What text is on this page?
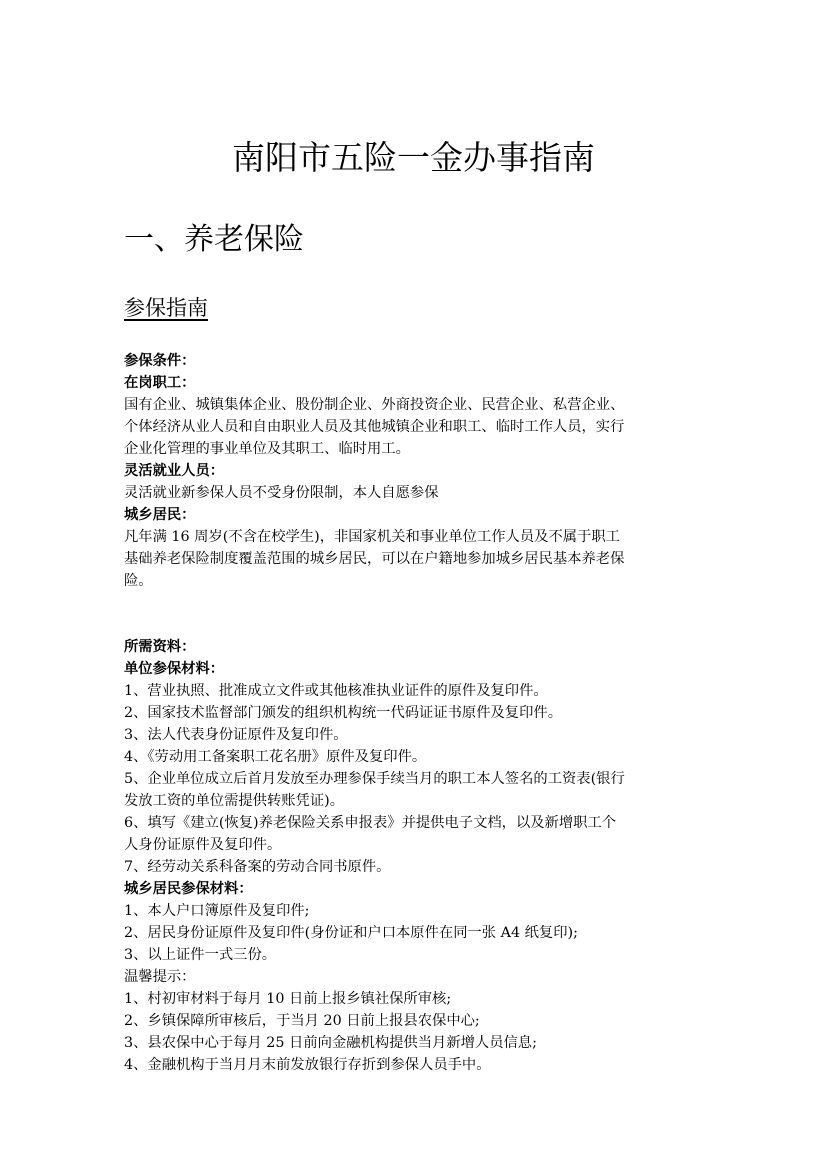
南阳市五险一金办事指南
一、养老保险
参保指南
参保条件：
在岗职工：
国有企业、城镇集体企业、股份制企业、外商投资企业、民营企业、私营企业、
个体经济从业人员和自由职业人员及其他城镇企业和职工、临时工作人员，实行
企业化管理的事业单位及其职工、临时用工。
灵活就业人员：
灵活就业新参保人员不受身份限制，本人自愿参保
城乡居民：
凡年满 16 周岁(不含在校学生)，非国家机关和事业单位工作人员及不属于职工
基础养老保险制度覆盖范围的城乡居民，可以在户籍地参加城乡居民基本养老保
险。
所需资料：
单位参保材料：
1、营业执照、批准成立文件或其他核准执业证件的原件及复印件。
2、国家技术监督部门颁发的组织机构统一代码证证书原件及复印件。
3、法人代表身份证原件及复印件。
4、《劳动用工备案职工花名册》原件及复印件。
5、企业单位成立后首月发放至办理参保手续当月的职工本人签名的工资表(银行
发放工资的单位需提供转账凭证)。
6、填写《建立(恢复)养老保险关系申报表》并提供电子文档，以及新增职工个
人身份证原件及复印件。
7、经劳动关系科备案的劳动合同书原件。
城乡居民参保材料：
1、本人户口簿原件及复印件;
2、居民身份证原件及复印件(身份证和户口本原件在同一张 A4 纸复印);
3、以上证件一式三份。
温馨提示：
1、村初审材料于每月 10 日前上报乡镇社保所审核;
2、乡镇保障所审核后，于当月 20 日前上报县农保中心;
3、县农保中心于每月 25 日前向金融机构提供当月新增人员信息;
4、金融机构于当月月末前发放银行存折到参保人员手中。
